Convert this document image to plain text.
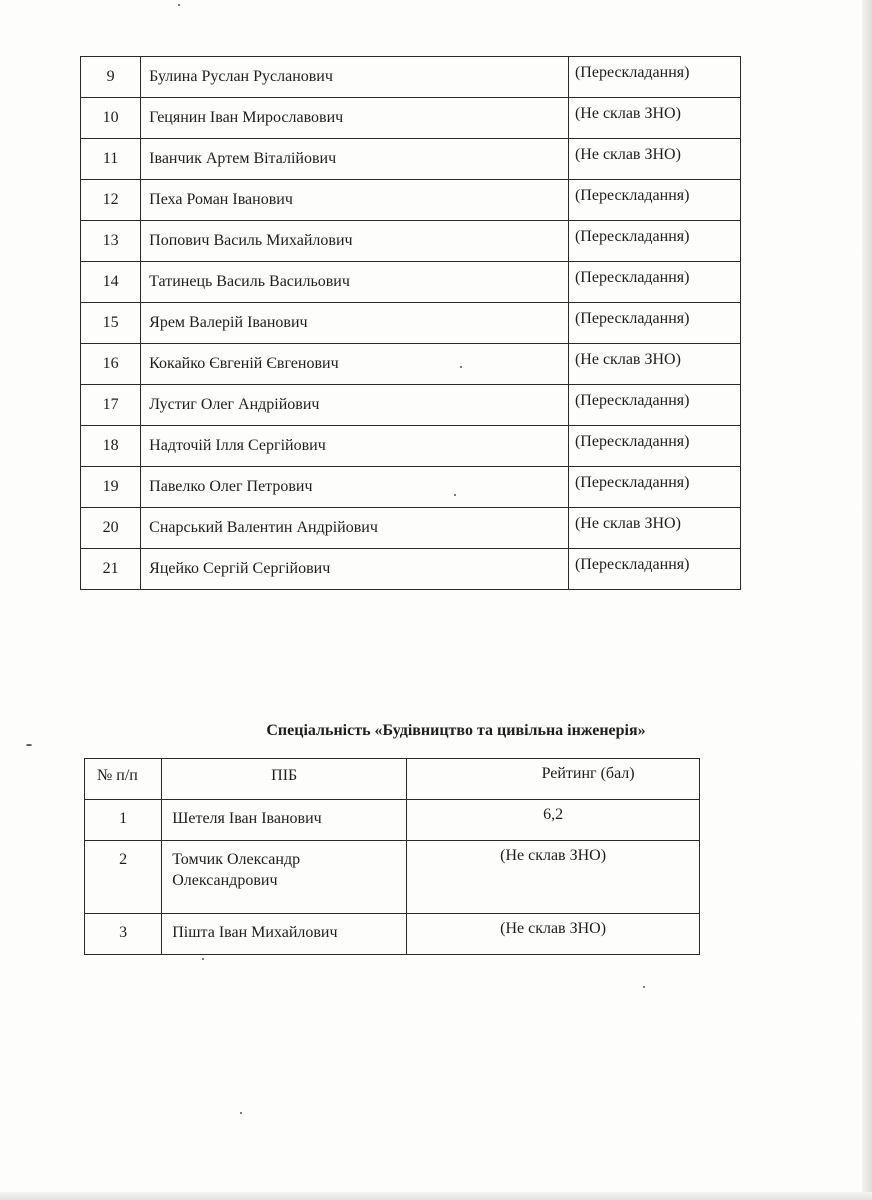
9	Булина Руслан Русланович	(Перескладання)
10	Гецянин Іван Мирославович	(Не склав ЗНО)
11	Іванчик Артем Віталійович	(Не склав ЗНО)
12	Пеха Роман Іванович	(Перескладання)
13	Попович Василь Михайлович	(Перескладання)
14	Татинець Василь Васильович	(Перескладання)
15	Ярем Валерій Іванович	(Перескладання)
16	Кокайко Євгеній Євгенович	(Не склав ЗНО)
17	Лустиг Олег Андрійович	(Перескладання)
18	Надточій Ілля Сергійович	(Перескладання)
19	Павелко Олег Петрович	(Перескладання)
20	Снарський Валентин Андрійович	(Не склав ЗНО)
21	Яцейко Сергій Сергійович	(Перескладання)
Спеціальність «Будівництво та цивільна інженерія»
№ п/п	ПІБ	Рейтинг (бал)
1	Шетеля Іван Іванович	6,2
2	Томчик Олександр Олександрович	(Не склав ЗНО)
3	Пішта Іван Михайлович	(Не склав ЗНО)
